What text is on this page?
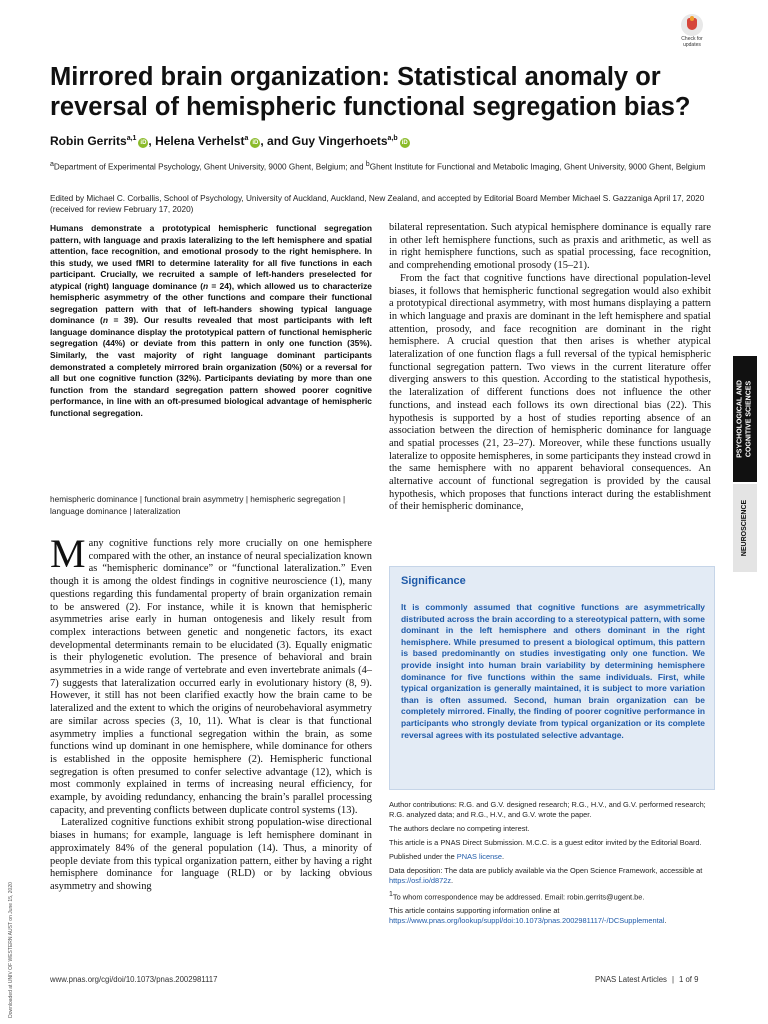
Check for updates
Mirrored brain organization: Statistical anomaly or reversal of hemispheric functional segregation bias?
Robin Gerrits$^{a,1}$iD , Helena Verhelst$^a$iD , and Guy Vingerhoets$^{a,b}$iD
$^a$Department of Experimental Psychology, Ghent University, 9000 Ghent, Belgium; and $^b$Ghent Institute for Functional and Metabolic Imaging, Ghent University, 9000 Ghent, Belgium
Edited by Michael C. Corballis, School of Psychology, University of Auckland, Auckland, New Zealand, and accepted by Editorial Board Member Michael S. Gazzaniga April 17, 2020 (received for review February 17, 2020)
Humans demonstrate a prototypical hemispheric functional segregation pattern, with language and praxis lateralizing to the left hemisphere and spatial attention, face recognition, and emotional prosody to the right hemisphere. In this study, we used fMRI to determine laterality for all five functions in each participant. Crucially, we recruited a sample of left-handers preselected for atypical (right) language dominance (n = 24), which allowed us to characterize hemispheric asymmetry of the other functions and compare their functional segregation pattern with that of left-handers showing typical language dominance (n = 39). Our results revealed that most participants with left language dominance display the prototypical pattern of functional hemispheric segregation (44%) or deviate from this pattern in only one function (35%). Similarly, the vast majority of right language dominant participants demonstrated a completely mirrored brain organization (50%) or a reversal for all but one cognitive function (32%). Participants deviating by more than one function from the standard segregation pattern showed poorer cognitive performance, in line with an oft-presumed biological advantage of hemispheric functional segregation.
hemispheric dominance | functional brain asymmetry | hemispheric segregation | language dominance | lateralization

Many cognitive functions rely more crucially on one hemisphere compared with the other, an instance of neural specialization known as “hemispheric dominance” or “functional lateralization.” Even though it is among the oldest findings in cognitive neuroscience (1), many questions regarding this fundamental property of brain organization remain to be answered (2). For instance, while it is known that hemispheric asymmetries arise early in human ontogenesis and likely result from complex interactions between genetic and nongenetic factors, its exact developmental determinants remain to be elucidated (3). Equally enigmatic is their phylogenetic evolution. The presence of behavioral and brain asymmetries in a wide range of vertebrate and even invertebrate animals (4–7) suggests that lateralization occurred early in evolutionary history (8, 9). However, it still has not been clarified exactly how the brain came to be lateralized and the extent to which the origins of neurobehavioral asymmetry are similar across species (3, 10, 11). What is clear is that functional asymmetry implies a functional segregation within the brain, as some functions wind up dominant in one hemisphere, while dominance for others is established in the opposite hemisphere (2). Hemispheric functional segregation is often presumed to confer selective advantage (12), which is most commonly explained in terms of increasing neural efficiency, for example, by avoiding redundancy, enhancing the brain’s parallel processing capacity, and preventing conflicts between duplicate control systems (13).

Lateralized cognitive functions exhibit strong population-wise directional biases in humans; for example, language is left hemisphere dominant in approximately 84% of the general population (14). Thus, a minority of people deviate from this typical organization pattern, either by having a right hemisphere dominance for language (RLD) or by lacking obvious asymmetry and showing

bilateral representation. Such atypical hemisphere dominance is equally rare in other left hemisphere functions, such as praxis and arithmetic, as well as in right hemisphere functions, such as spatial processing, face recognition, and comprehending emotional prosody (15–21).

From the fact that cognitive functions have directional population-level biases, it follows that hemispheric functional segregation would also exhibit a prototypical directional asymmetry, with most humans displaying a pattern in which language and praxis are dominant in the left hemisphere and spatial attention, prosody, and face recognition are dominant in the right hemisphere. A crucial question that then arises is whether atypical lateralization of one function flags a full reversal of the typical hemispheric functional segregation pattern. Two views in the current literature offer diverging answers to this question. According to the statistical hypothesis, the lateralization of different functions does not influence the other functions, and instead each follows its own directional bias (22). This hypothesis is supported by a host of studies reporting absence of an association between the direction of hemispheric dominance for language and spatial processes (21, 23–27). Moreover, while these functions usually lateralize to opposite hemispheres, in some participants they instead crowd in the same hemisphere with no apparent behavioral consequences. An alternative account of functional segregation is provided by the causal hypothesis, which proposes that functions interact during the establishment of their hemispheric dominance,

PSYCHOLOGICAL AND COGNITIVE SCIENCES
NEUROSCIENCE
Significance
It is commonly assumed that cognitive functions are asymmetrically distributed across the brain according to a stereotypical pattern, with some dominant in the left hemisphere and others dominant in the right hemisphere. While presumed to present a biological optimum, this pattern is based predominantly on studies investigating only one function. We provide insight into human brain variability by determining hemisphere dominance for five functions within the same individuals. First, while typical organization is generally maintained, it is subject to more variation than is often assumed. Second, human brain organization can be completely mirrored. Finally, the finding of poorer cognitive performance in participants who strongly deviate from typical organization or its complete reversal agrees with its postulated selective advantage.

Author contributions: R.G. and G.V. designed research; R.G., H.V., and G.V. performed research; R.G. analyzed data; and R.G., H.V., and G.V. wrote the paper.

The authors declare no competing interest.

This article is a PNAS Direct Submission. M.C.C. is a guest editor invited by the Editorial Board.

Published under the PNAS license.

Data deposition: The data are publicly available via the Open Science Framework, accessible at https://osf.io/d872z.

$^1$To whom correspondence may be addressed. Email: robin.gerrits@ugent.be.

This article contains supporting information online at https://www.pnas.org/lookup/suppl/doi:10.1073/pnas.2002981117/-/DCSupplemental.

Downloaded at UNIV OF WESTERN AUST on June 15, 2020	www.pnas.org/cgi/doi/10.1073/pnas.2002981117	PNAS Latest Articles | 1 of 9
